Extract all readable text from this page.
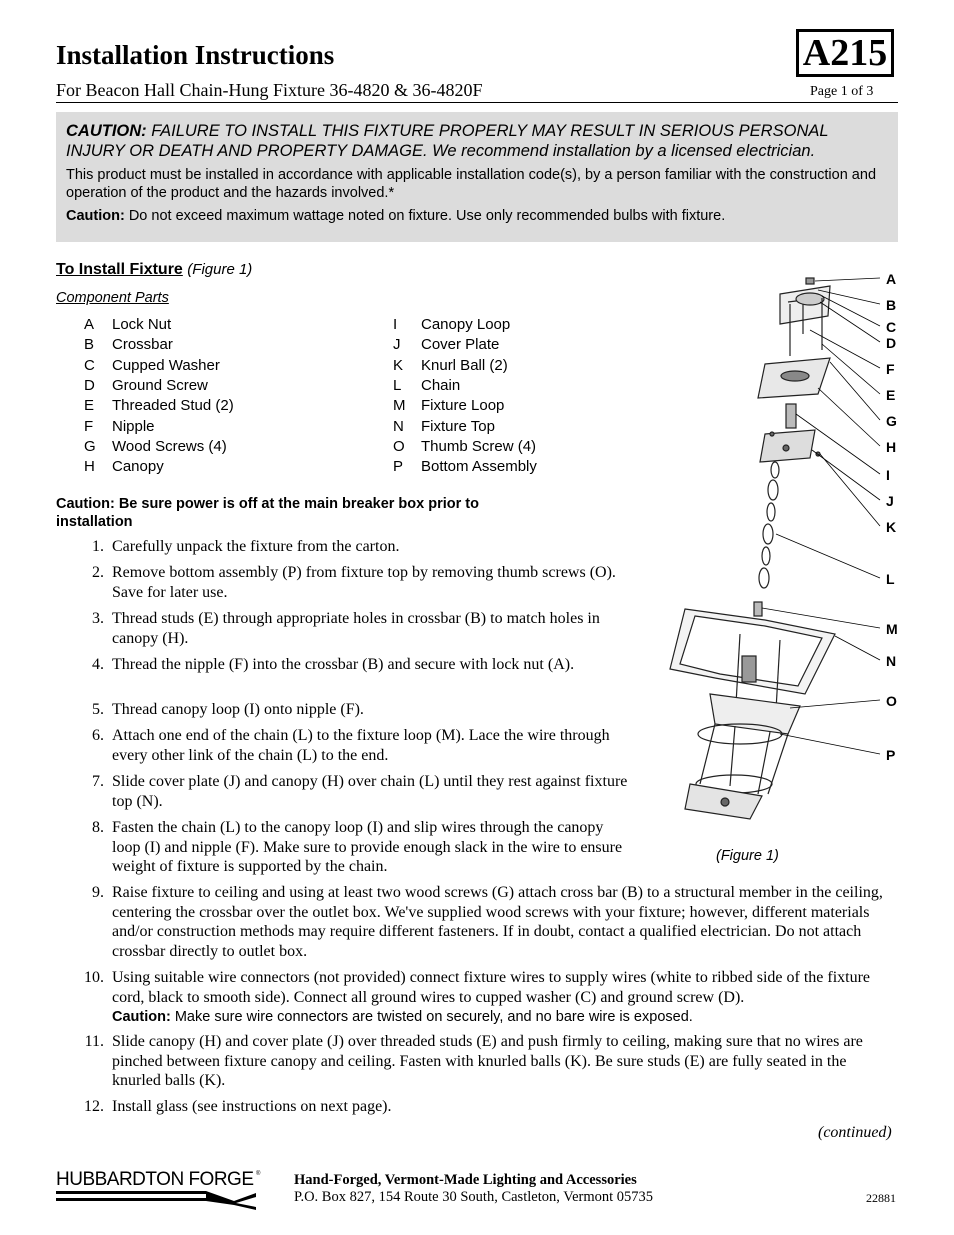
Installation Instructions
For Beacon Hall Chain-Hung Fixture 36-4820 & 36-4820F
A215
Page 1 of 3
CAUTION: FAILURE TO INSTALL THIS FIXTURE PROPERLY MAY RESULT IN SERIOUS PERSONAL INJURY OR DEATH AND PROPERTY DAMAGE. We recommend installation by a licensed electrician.
This product must be installed in accordance with applicable installation code(s), by a person familiar with the construction and operation of the product and the hazards involved.*
Caution: Do not exceed maximum wattage noted on fixture. Use only recommended bulbs with fixture.
To Install Fixture (Figure 1)
Component Parts
A Lock Nut
B Crossbar
C Cupped Washer
D Ground Screw
E Threaded Stud (2)
F Nipple
G Wood Screws (4)
H Canopy
I Canopy Loop
J Cover Plate
K Knurl Ball (2)
L Chain
M Fixture Loop
N Fixture Top
O Thumb Screw (4)
P Bottom Assembly
Caution: Be sure power is off at the main breaker box prior to installation
1. Carefully unpack the fixture from the carton.
2. Remove bottom assembly (P) from fixture top by removing thumb screws (O). Save for later use.
3. Thread studs (E) through appropriate holes in crossbar (B) to match holes in canopy (H).
4. Thread the nipple (F) into the crossbar (B) and secure with lock nut (A).
5. Thread canopy loop (I) onto nipple (F).
6. Attach one end of the chain (L) to the fixture loop (M). Lace the wire through every other link of the chain (L) to the end.
7. Slide cover plate (J) and canopy (H) over chain (L) until they rest against fixture top (N).
8. Fasten the chain (L) to the canopy loop (I) and slip wires through the canopy loop (I) and nipple (F). Make sure to provide enough slack in the wire to ensure weight of fixture is supported by the chain.
9. Raise fixture to ceiling and using at least two wood screws (G) attach cross bar (B) to a structural member in the ceiling, centering the crossbar over the outlet box. We've supplied wood screws with your fixture; however, different materials and/or construction methods may require different fasteners. If in doubt, contact a qualified electrician. Do not attach crossbar directly to outlet box.
10. Using suitable wire connectors (not provided) connect fixture wires to supply wires (white to ribbed side of the fixture cord, black to smooth side). Connect all ground wires to cupped washer (C) and ground screw (D).
Caution: Make sure wire connectors are twisted on securely, and no bare wire is exposed.
11. Slide canopy (H) and cover plate (J) over threaded studs (E) and push firmly to ceiling, making sure that no wires are pinched between fixture canopy and ceiling. Fasten with knurled balls (K). Be sure studs (E) are fully seated in the knurled balls (K).
12. Install glass (see instructions on next page).
(continued)
A
B
C
D
F
E
G
H
I
J
K
L
M
N
O
P
(Figure 1)
HUBBARDTON FORGE ® Hand-Forged, Vermont-Made Lighting and Accessories
P.O. Box 827, 154 Route 30 South, Castleton, Vermont 05735	22881
